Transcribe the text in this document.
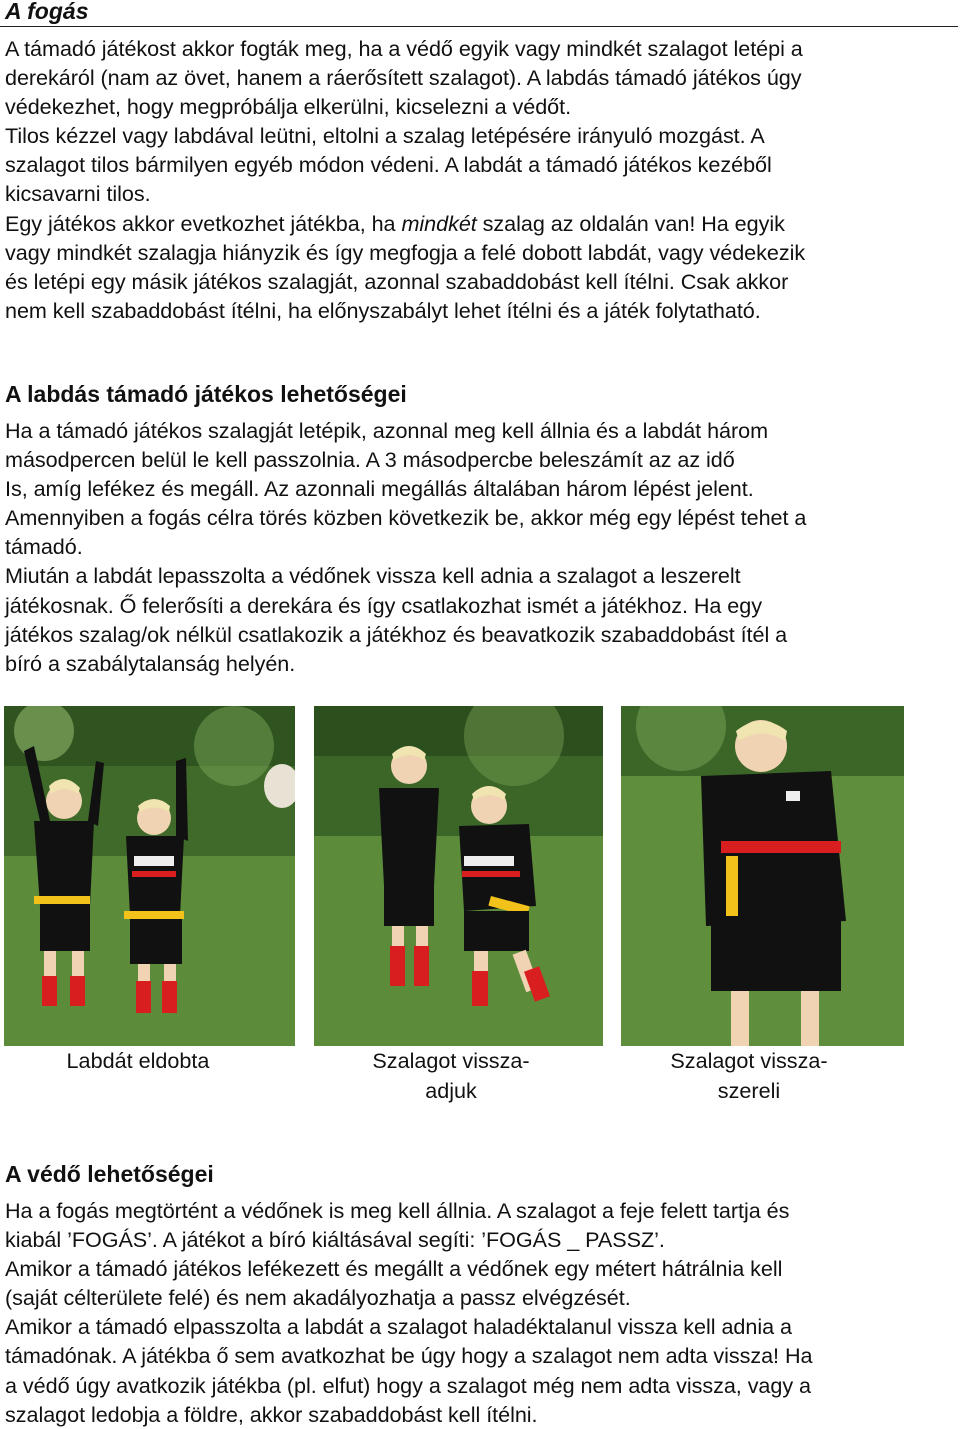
A fogás
A támadó játékost akkor fogták meg, ha a védő egyik vagy mindkét szalagot letépi a
derekáról (nam az övet, hanem a ráerősített szalagot). A labdás támadó játékos úgy
védekezhet, hogy megpróbálja elkerülni, kicselezni a védőt.
Tilos kézzel vagy labdával leütni, eltolni a szalag letépésére irányuló mozgást. A
szalagot tilos bármilyen egyéb módon védeni. A labdát a támadó játékos kezéből
kicsavarni tilos.
Egy játékos akkor evetkozhet játékba, ha mindkét szalag az oldalán van! Ha egyik
vagy mindkét szalagja hiányzik és így megfogja a felé dobott labdát, vagy védekezik
és letépi egy másik játékos szalagját, azonnal szabaddobást kell ítélni. Csak akkor
nem kell szabaddobást ítélni, ha előnyszabályt lehet ítélni és a játék folytatható.
A labdás támadó játékos lehetőségei
Ha a támadó játékos szalagját letépik, azonnal meg kell állnia és a labdát három
másodpercen belül le kell passzolnia. A 3 másodpercbe beleszámít az az idő
Is, amíg lefékez és megáll. Az azonnali megállás általában három lépést jelent.
Amennyiben a fogás célra törés közben következik be, akkor még egy lépést tehet a
támadó.
Miután a labdát lepasszolta a védőnek vissza kell adnia a szalagot a leszerelt
játékosnak. Ő felerősíti a derekára és így csatlakozhat ismét a játékhoz. Ha egy
játékos szalag/ok nélkül csatlakozik a játékhoz és beavatkozik szabaddobást ítél a
bíró a szabálytalanság helyén.
Labdát eldobta	Szalagot vissza-
adjuk
Szalagot vissza-
szereli
A védő lehetőségei
Ha a fogás megtörtént a védőnek is meg kell állnia. A szalagot a feje felett tartja és
kiabál ’FOGÁS’. A játékot a bíró kiáltásával segíti: ’FOGÁS _ PASSZ’.
Amikor a támadó játékos lefékezett és megállt a védőnek egy métert hátrálnia kell
(saját célterülete felé) és nem akadályozhatja a passz elvégzését.
Amikor a támadó elpasszolta a labdát a szalagot haladéktalanul vissza kell adnia a
támadónak. A játékba ő sem avatkozhat be úgy hogy a szalagot nem adta vissza! Ha
a védő úgy avatkozik játékba (pl. elfut) hogy a szalagot még nem adta vissza, vagy a
szalagot ledobja a földre, akkor szabaddobást kell ítélni.
